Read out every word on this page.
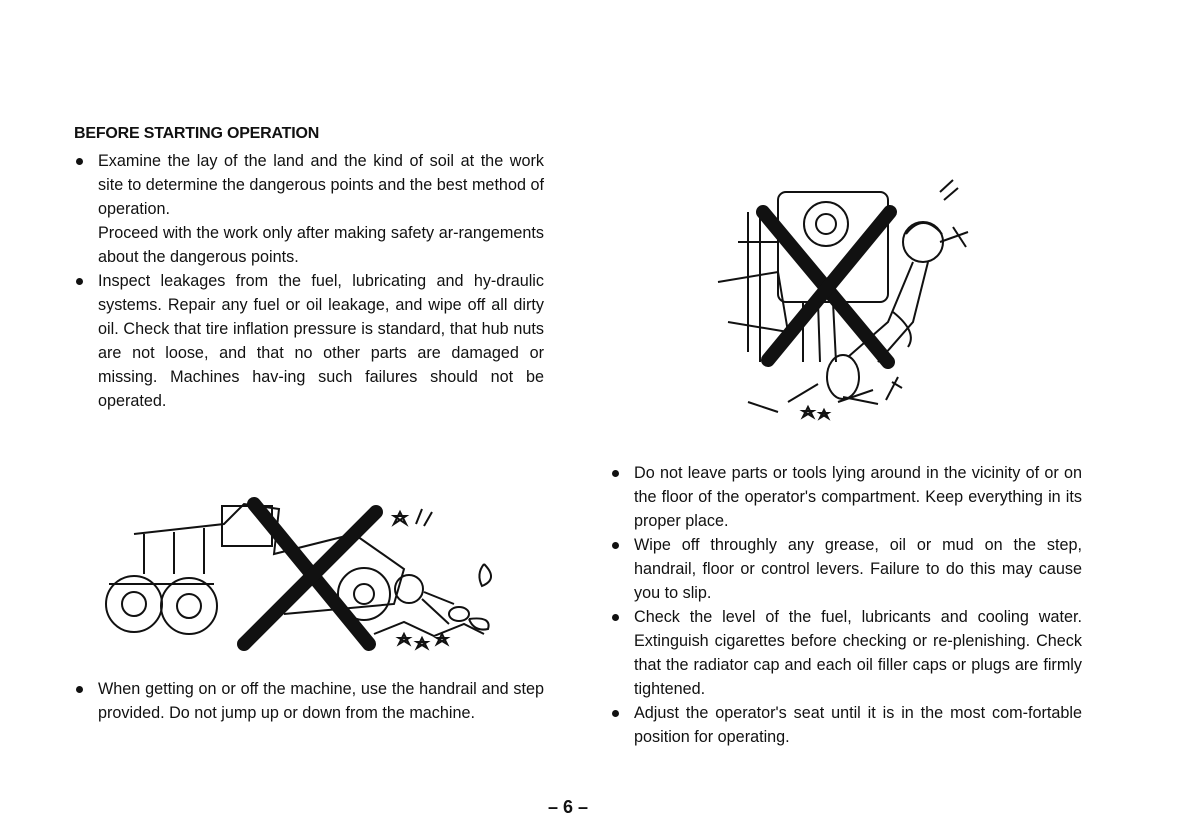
BEFORE STARTING OPERATION
Examine the lay of the land and the kind of soil at the work site to determine the dangerous points and the best method of operation.
Proceed with the work only after making safety ar-rangements about the dangerous points.
Inspect leakages from the fuel, lubricating and hy-draulic systems. Repair any fuel or oil leakage, and wipe off all dirty oil. Check that tire inflation pressure is standard, that hub nuts are not loose, and that no other parts are damaged or missing. Machines hav-ing such failures should not be operated.
When getting on or off the machine, use the handrail and step provided. Do not jump up or down from the machine.
Do not leave parts or tools lying around in the vicinity of or on the floor of the operator's compartment. Keep everything in its proper place.
Wipe off throughly any grease, oil or mud on the step, handrail, floor or control levers. Failure to do this may cause you to slip.
Check the level of the fuel, lubricants and cooling water. Extinguish cigarettes before checking or re-plenishing. Check that the radiator cap and each oil filler caps or plugs are firmly tightened.
Adjust the operator's seat until it is in the most com-fortable position for operating.
– 6 –
